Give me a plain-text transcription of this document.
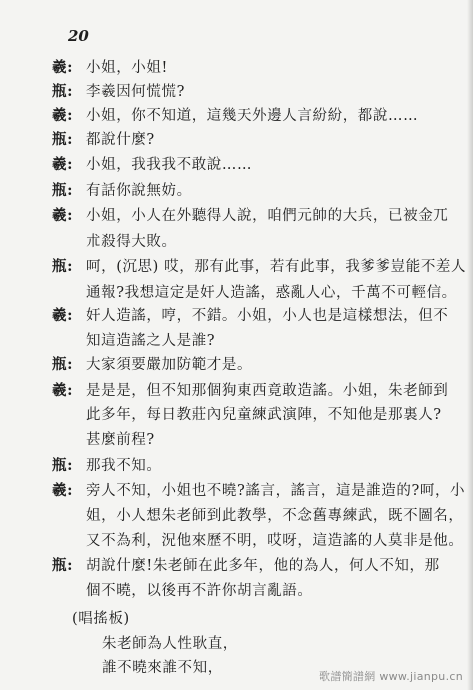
20
羲: 小姐，小姐!
瓶: 李羲因何慌慌?
羲: 小姐，你不知道，這幾天外邊人言紛紛，都說……
瓶: 都說什麼?
羲: 小姐，我我我不敢說……
瓶: 有話你說無妨。
羲: 小姐，小人在外聽得人說，咱們元帥的大兵，已被金兀
朮殺得大敗。
瓶: 呵，(沉思) 哎，那有此事，若有此事，我爹爹豈能不差人
通報?我想這定是奸人造謠，惑亂人心，千萬不可輕信。
羲: 奸人造謠，哼，不錯。小姐，小人也是這樣想法，但不
知這造謠之人是誰?
瓶: 大家須要嚴加防範才是。
羲: 是是是，但不知那個狗東西竟敢造謠。小姐，朱老師到
此多年，每日教莊內兒童練武演陣，不知他是那裏人?
甚麼前程?
瓶: 那我不知。
羲: 旁人不知，小姐也不曉?謠言，謠言，這是誰造的?呵，小
姐，小人想朱老師到此教學，不念舊專練武，既不圖名，
又不為利，況他來歷不明，哎呀，這造謠的人莫非是他。
瓶: 胡說什麼!朱老師在此多年，他的為人，何人不知，那
個不曉，以後再不許你胡言亂語。
(唱搖板)
朱老師為人性耿直，
誰不曉來誰不知，
歌譜簡譜網 www.jianpu.cn
